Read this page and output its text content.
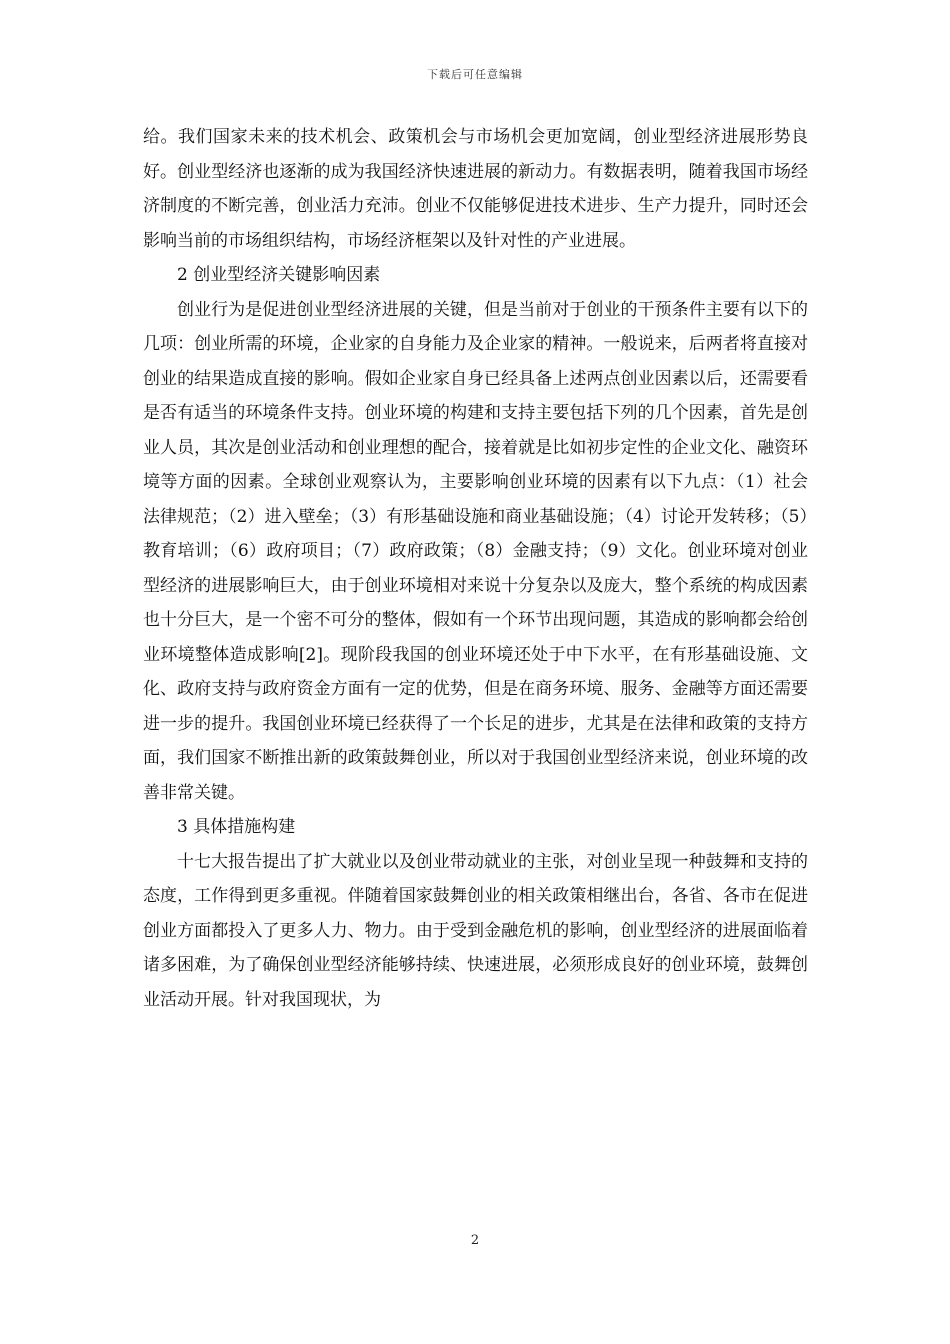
下载后可任意编辑

给。我们国家未来的技术机会、政策机会与市场机会更加宽阔，创业型经济进展形势良好。创业型经济也逐渐的成为我国经济快速进展的新动力。有数据表明，随着我国市场经济制度的不断完善，创业活力充沛。创业不仅能够促进技术进步、生产力提升，同时还会影响当前的市场组织结构，市场经济框架以及针对性的产业进展。

2 创业型经济关键影响因素

创业行为是促进创业型经济进展的关键，但是当前对于创业的干预条件主要有以下的几项：创业所需的环境，企业家的自身能力及企业家的精神。一般说来，后两者将直接对创业的结果造成直接的影响。假如企业家自身已经具备上述两点创业因素以后，还需要看是否有适当的环境条件支持。创业环境的构建和支持主要包括下列的几个因素，首先是创业人员，其次是创业活动和创业理想的配合，接着就是比如初步定性的企业文化、融资环境等方面的因素。全球创业观察认为，主要影响创业环境的因素有以下九点：（1）社会法律规范；（2）进入壁垒；（3）有形基础设施和商业基础设施；（4）讨论开发转移；（5）教育培训；（6）政府项目；（7）政府政策；（8）金融支持；（9）文化。创业环境对创业型经济的进展影响巨大，由于创业环境相对来说十分复杂以及庞大，整个系统的构成因素也十分巨大，是一个密不可分的整体，假如有一个环节出现问题，其造成的影响都会给创业环境整体造成影响[2]。现阶段我国的创业环境还处于中下水平，在有形基础设施、文化、政府支持与政府资金方面有一定的优势，但是在商务环境、服务、金融等方面还需要进一步的提升。我国创业环境已经获得了一个长足的进步，尤其是在法律和政策的支持方面，我们国家不断推出新的政策鼓舞创业，所以对于我国创业型经济来说，创业环境的改善非常关键。

3 具体措施构建

十七大报告提出了扩大就业以及创业带动就业的主张，对创业呈现一种鼓舞和支持的态度，工作得到更多重视。伴随着国家鼓舞创业的相关政策相继出台，各省、各市在促进创业方面都投入了更多人力、物力。由于受到金融危机的影响，创业型经济的进展面临着诸多困难，为了确保创业型经济能够持续、快速进展，必须形成良好的创业环境，鼓舞创业活动开展。针对我国现状，为

2
